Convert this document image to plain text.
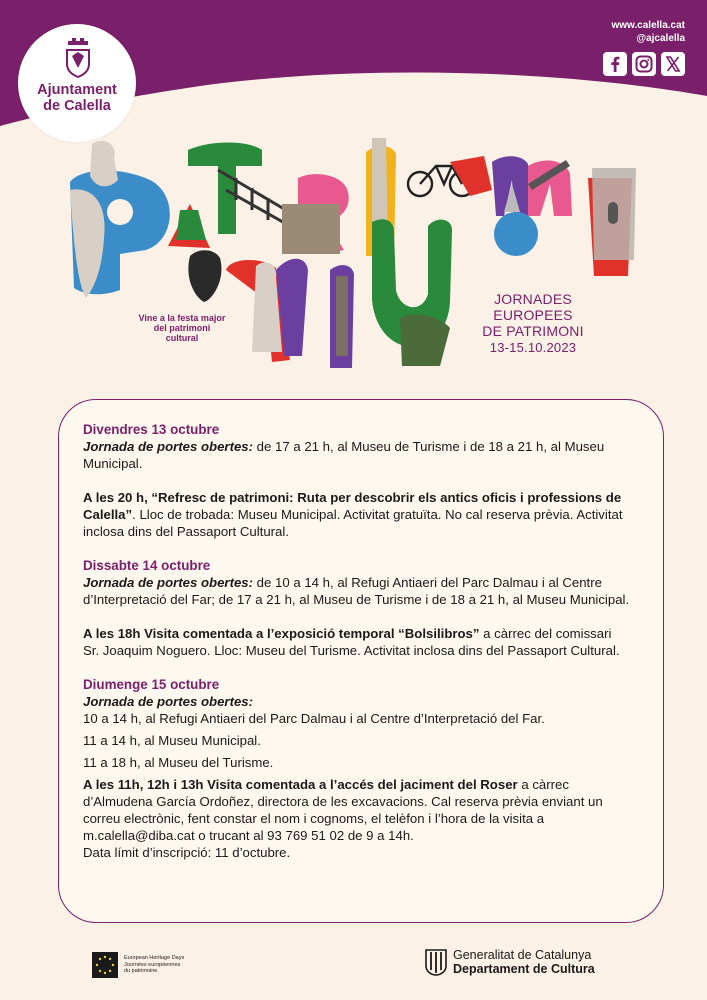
Ajuntament
de Calella
www.calella.cat
@ajcalella
Vine a la festa major del patrimoni cultural
JORNADES
EUROPEES
DE PATRIMONI
13-15.10.2023
Divendres 13 octubre

Jornada de portes obertes: de 17 a 21 h, al Museu de Turisme i de 18 a 21 h, al Museu Municipal.

A les 20 h, “Refresc de patrimoni: Ruta per descobrir els antics oficis i professions de Calella”. Lloc de trobada: Museu Municipal. Activitat gratuïta. No cal reserva prèvia. Activitat inclosa dins del Passaport Cultural.

Dissabte 14 octubre

Jornada de portes obertes: de 10 a 14 h, al Refugi Antiaeri del Parc Dalmau i al Centre d’Interpretació del Far; de 17 a 21 h, al Museu de Turisme i de 18 a 21 h, al Museu Municipal.

A les 18h Visita comentada a l’exposició temporal “Bolsilibros” a càrrec del comissari Sr. Joaquim Noguero. Lloc: Museu del Turisme. Activitat inclosa dins del Passaport Cultural.

Diumenge 15 octubre

Jornada de portes obertes:

10 a 14 h, al Refugi Antiaeri del Parc Dalmau i al Centre d’Interpretació del Far.

11 a 14 h, al Museu Municipal.

11 a 18 h, al Museu del Turisme.

A les 11h, 12h i 13h Visita comentada a l’accés del jaciment del Roser a càrrec d’Almudena García Ordoñez, directora de les excavacions. Cal reserva prèvia enviant un correu electrònic, fent constar el nom i cognoms, el telèfon i l’hora de la visita a m.calella@diba.cat o trucant al 93 769 51 02 de 9 a 14h.

Data límit d’inscripció: 11 d’octubre.

European Heritage Days
Journées européennes
du patrimoine
Generalitat de Catalunya
Departament de Cultura
